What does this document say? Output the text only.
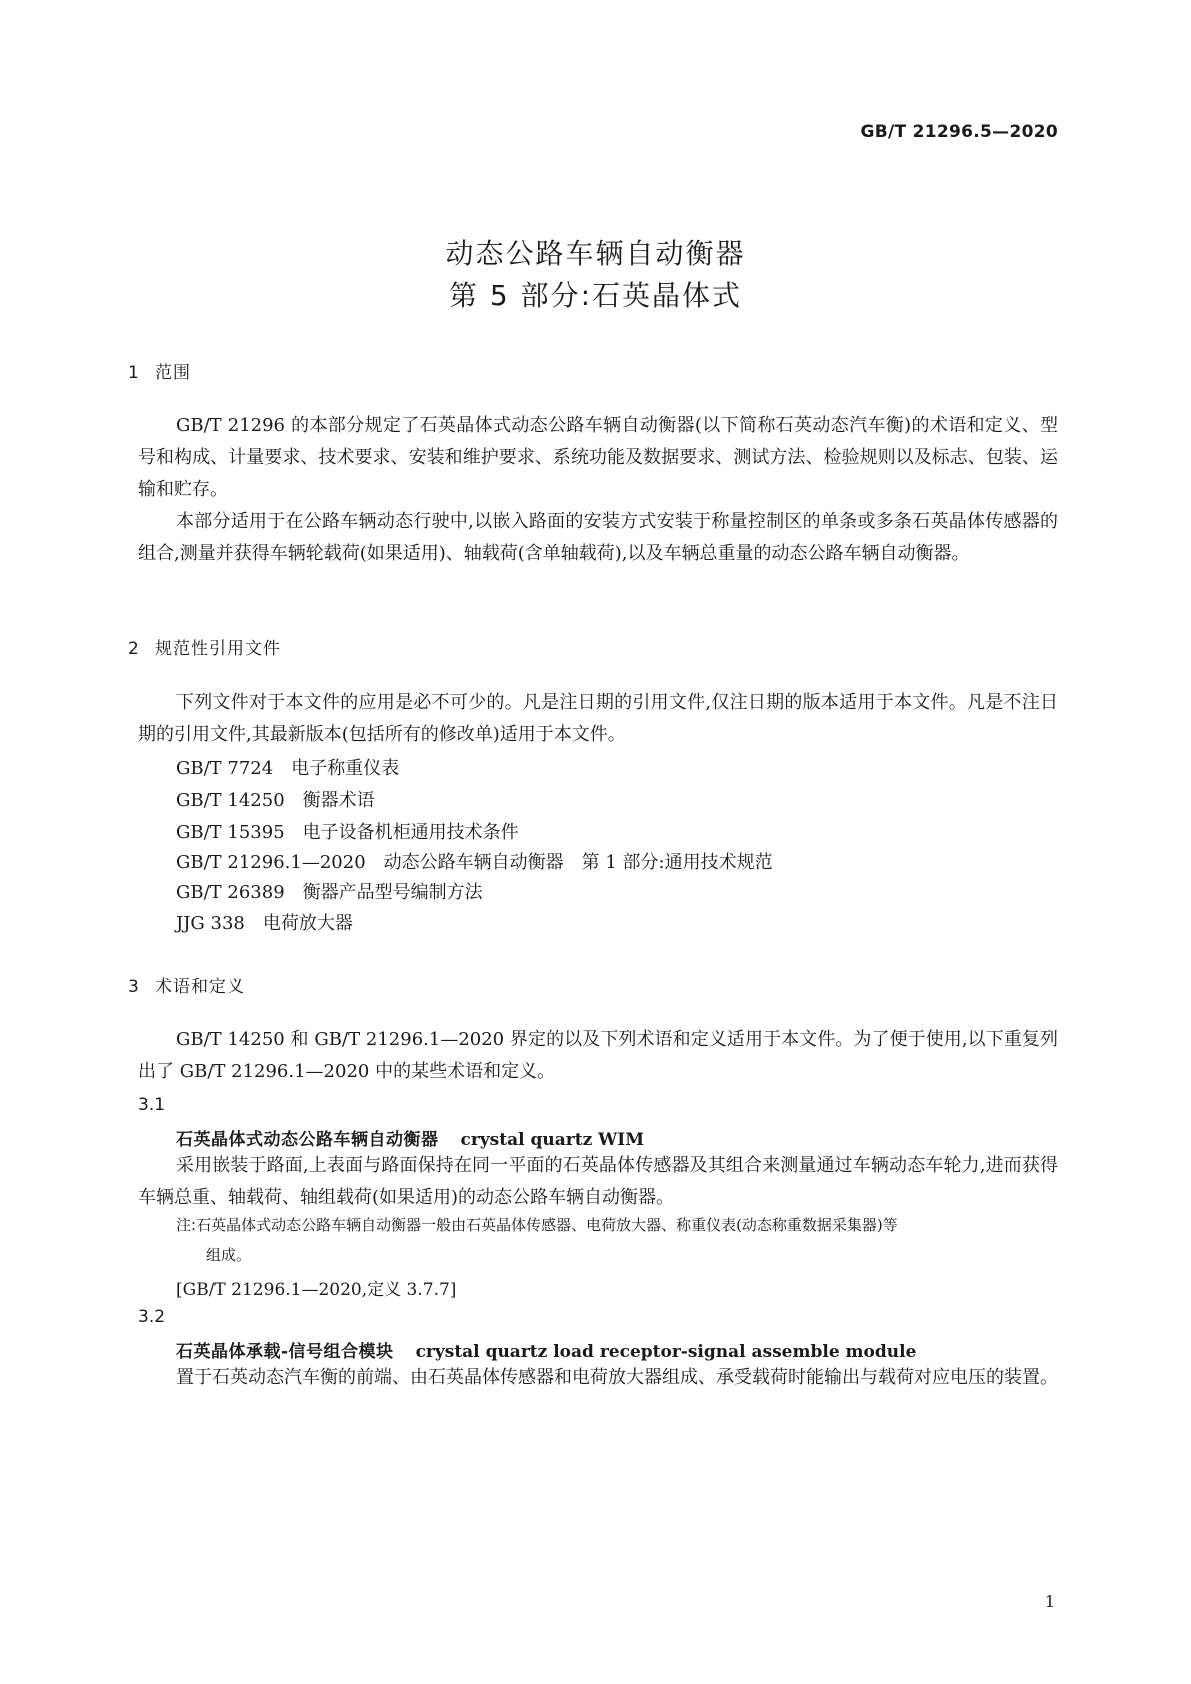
GB/T 21296.5—2020
动态公路车辆自动衡器
第 5 部分:石英晶体式
1 范围
GB/T 21296 的本部分规定了石英晶体式动态公路车辆自动衡器(以下简称石英动态汽车衡)的术语和定义、型号和构成、计量要求、技术要求、安装和维护要求、系统功能及数据要求、测试方法、检验规则以及标志、包装、运输和贮存。
本部分适用于在公路车辆动态行驶中,以嵌入路面的安装方式安装于称量控制区的单条或多条石英晶体传感器的组合,测量并获得车辆轮载荷(如果适用)、轴载荷(含单轴载荷),以及车辆总重量的动态公路车辆自动衡器。
2 规范性引用文件
下列文件对于本文件的应用是必不可少的。凡是注日期的引用文件,仅注日期的版本适用于本文件。凡是不注日期的引用文件,其最新版本(包括所有的修改单)适用于本文件。
GB/T 7724 电子称重仪表
GB/T 14250 衡器术语
GB/T 15395 电子设备机柜通用技术条件
GB/T 21296.1—2020 动态公路车辆自动衡器　第 1 部分:通用技术规范
GB/T 26389 衡器产品型号编制方法
JJG 338 电荷放大器
3 术语和定义
GB/T 14250 和 GB/T 21296.1—2020 界定的以及下列术语和定义适用于本文件。为了便于使用,以下重复列出了 GB/T 21296.1—2020 中的某些术语和定义。
3.1
石英晶体式动态公路车辆自动衡器 crystal quartz WIM
采用嵌装于路面,上表面与路面保持在同一平面的石英晶体传感器及其组合来测量通过车辆动态车轮力,进而获得车辆总重、轴载荷、轴组载荷(如果适用)的动态公路车辆自动衡器。
注:石英晶体式动态公路车辆自动衡器一般由石英晶体传感器、电荷放大器、称重仪表(动态称重数据采集器)等
组成。
[GB/T 21296.1—2020,定义 3.7.7]
3.2
石英晶体承载-信号组合模块 crystal quartz load receptor-signal assemble module
置于石英动态汽车衡的前端、由石英晶体传感器和电荷放大器组成、承受载荷时能输出与载荷对应电压的装置。
1
